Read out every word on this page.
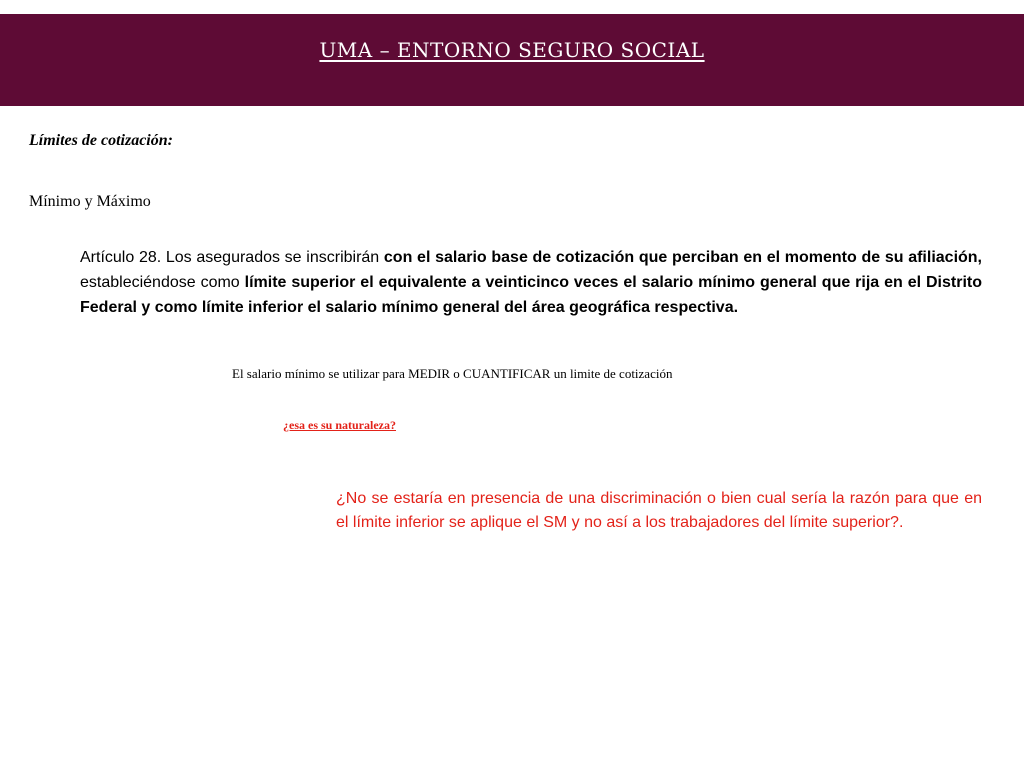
UMA – ENTORNO SEGURO SOCIAL
Límites de cotización:
Mínimo y Máximo
Artículo 28. Los asegurados se inscribirán con el salario base de cotización que perciban en el momento de su afiliación, estableciéndose como límite superior el equivalente a veinticinco veces el salario mínimo general que rija en el Distrito Federal y como límite inferior el salario mínimo general del área geográfica respectiva.
El salario mínimo se utilizar para MEDIR o CUANTIFICAR un limite de cotización
¿esa es su naturaleza?
¿No se estaría en presencia de una discriminación o bien cual sería la razón para que en el límite inferior se aplique el SM y no así a los trabajadores del límite superior?.
